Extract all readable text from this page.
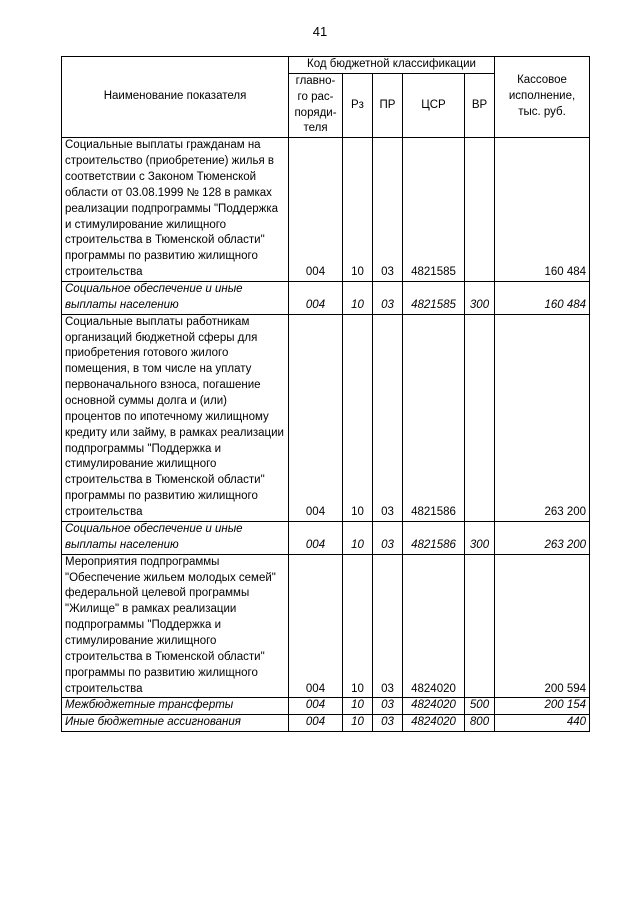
41
Наименование показателя	Код бюджетной классификации					Кассовое
исполнение,
тыс. руб.
	главно-
го рас-
поряди-
теля	Рз	ПР	ЦСР	ВР	
Социальные выплаты гражданам на строительство (приобретение) жилья в соответствии с Законом Тюменской области от 03.08.1999 № 128 в рамках реализации подпрограммы "Поддержка и стимулирование жилищного строительства в Тюменской области" программы по развитию жилищного строительства	004	10	03	4821585		160 484
Социальное обеспечение и иные выплаты населению	004	10	03	4821585	300	160 484
Социальные выплаты работникам организаций бюджетной сферы для приобретения готового жилого помещения, в том числе на уплату первоначального взноса, погашение основной суммы долга и (или) процентов по ипотечному жилищному кредиту или займу, в рамках реализации подпрограммы "Поддержка и стимулирование жилищного строительства в Тюменской области" программы по развитию жилищного строительства	004	10	03	4821586		263 200
Социальное обеспечение и иные выплаты населению	004	10	03	4821586	300	263 200
Мероприятия подпрограммы "Обеспечение жильем молодых семей" федеральной целевой программы "Жилище" в рамках реализации подпрограммы "Поддержка и стимулирование жилищного строительства в Тюменской области" программы по развитию жилищного строительства	004	10	03	4824020		200 594
Межбюджетные трансферты	004	10	03	4824020	500	200 154
Иные бюджетные ассигнования	004	10	03	4824020	800	440
